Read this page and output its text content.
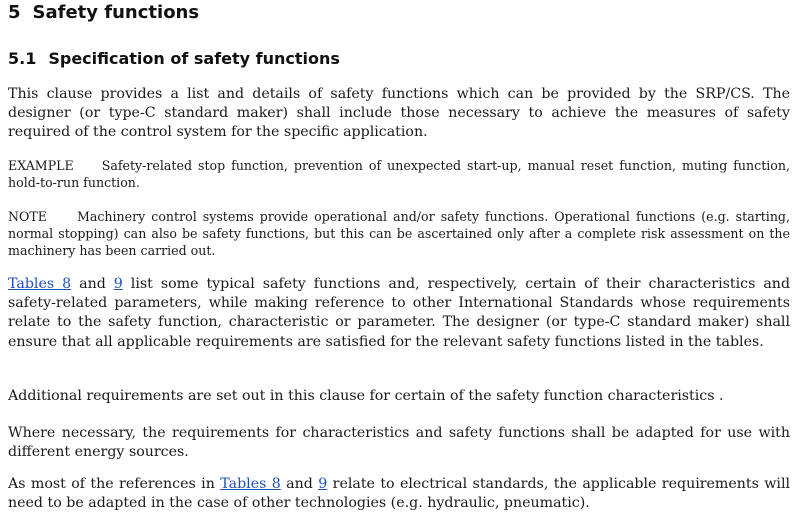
5 Safety functions
5.1 Specification of safety functions

This clause provides a list and details of safety functions which can be provided by the SRP/CS. The designer (or type-C standard maker) shall include those necessary to achieve the measures of safety required of the control system for the specific application.

EXAMPLE Safety-related stop function, prevention of unexpected start-up, manual reset function, muting function, hold-to-run function.

NOTE Machinery control systems provide operational and/or safety functions. Operational functions (e.g. starting, normal stopping) can also be safety functions, but this can be ascertained only after a complete risk assessment on the machinery has been carried out.

Tables 8 and 9 list some typical safety functions and, respectively, certain of their characteristics and safety-related parameters, while making reference to other International Standards whose requirements relate to the safety function, characteristic or parameter. The designer (or type-C standard maker) shall ensure that all applicable requirements are satisfied for the relevant safety functions listed in the tables.

Additional requirements are set out in this clause for certain of the safety function characteristics .

Where necessary, the requirements for characteristics and safety functions shall be adapted for use with different energy sources.

As most of the references in Tables 8 and 9 relate to electrical standards, the applicable requirements will need to be adapted in the case of other technologies (e.g. hydraulic, pneumatic).
